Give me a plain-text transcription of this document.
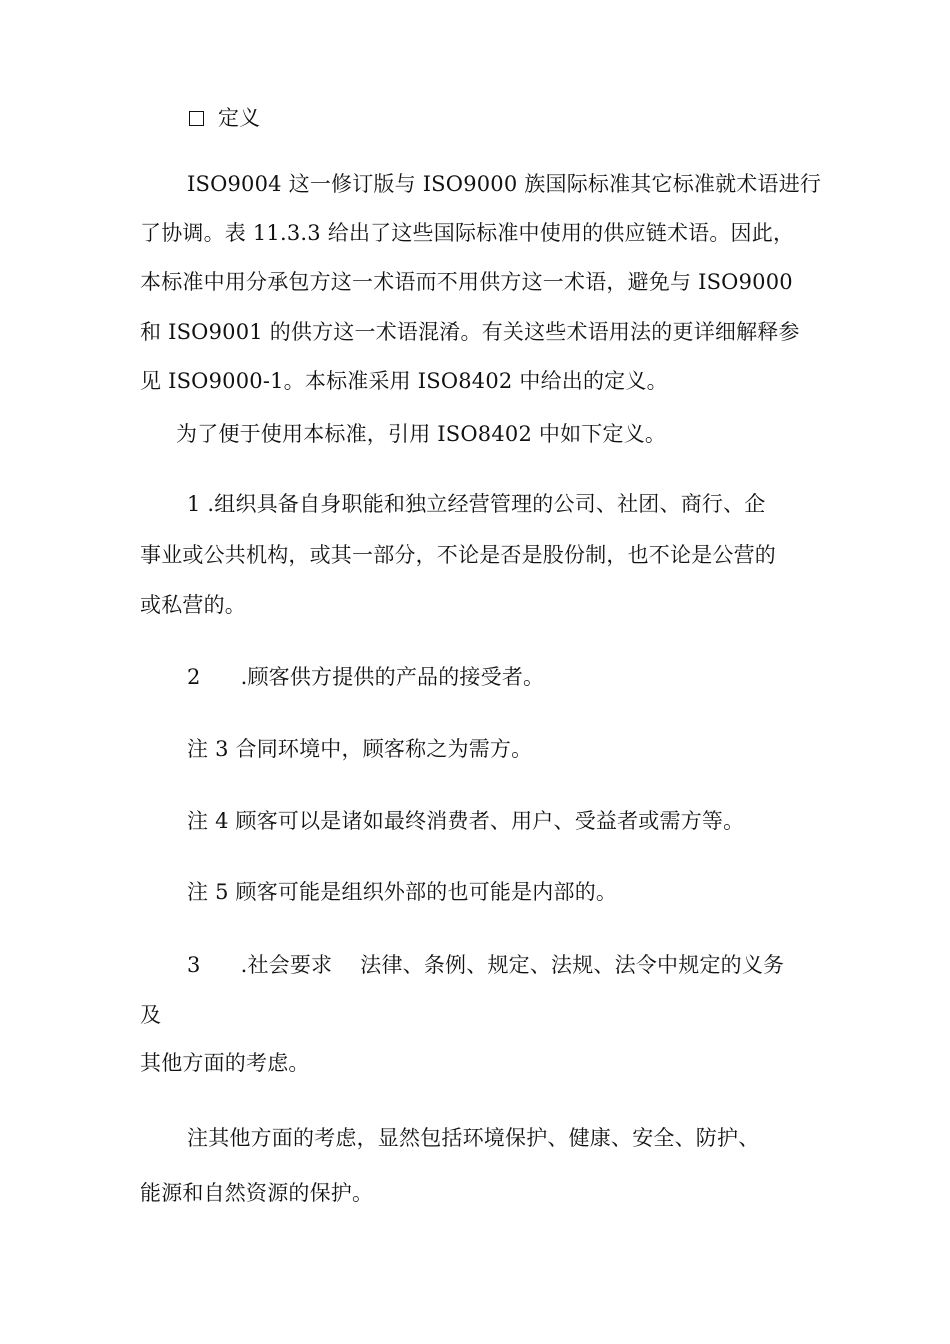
定义
ISO9004 这一修订版与 ISO9000 族国际标准其它标准就术语进行
了协调。表 11.3.3 给出了这些国际标准中使用的供应链术语。因此，
本标准中用分承包方这一术语而不用供方这一术语，避免与 ISO9000
和 ISO9001 的供方这一术语混淆。有关这些术语用法的更详细解释参
见 ISO9000-1。本标准采用 ISO8402 中给出的定义。
为了便于使用本标准，引用 ISO8402 中如下定义。
1 .组织具备自身职能和独立经营管理的公司、社团、商行、企
事业或公共机构，或其一部分，不论是否是股份制，也不论是公营的
或私营的。
2 .顾客供方提供的产品的接受者。
注 3 合同环境中，顾客称之为需方。
注 4 顾客可以是诸如最终消费者、用户、受益者或需方等。
注 5 顾客可能是组织外部的也可能是内部的。
3 .社会要求 法律、条例、规定、法规、法令中规定的义务
及
其他方面的考虑。
注其他方面的考虑，显然包括环境保护、健康、安全、防护、
能源和自然资源的保护。
